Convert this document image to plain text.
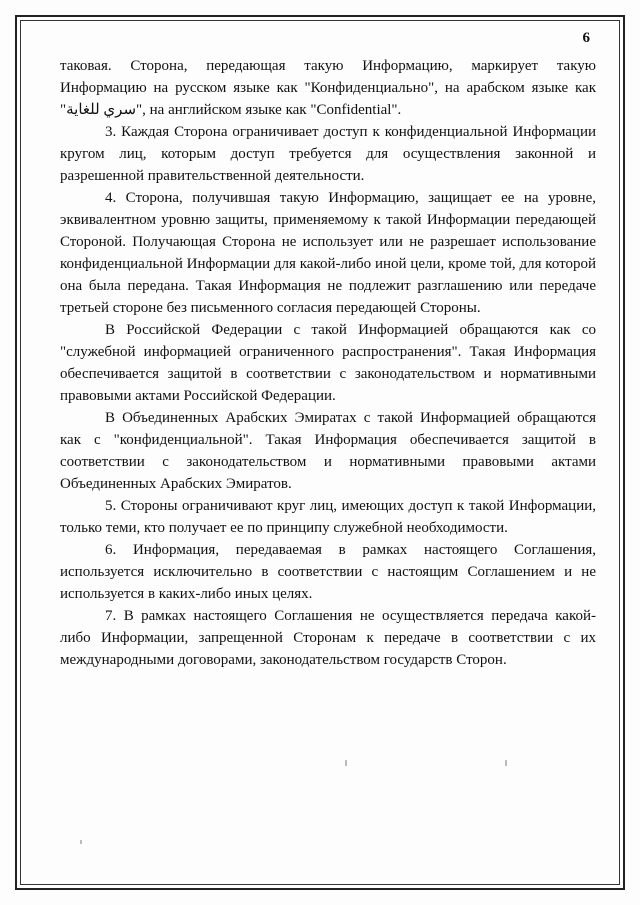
6

таковая. Сторона, передающая такую Информацию, маркирует такую Информацию на русском языке как "Конфиденциально", на арабском языке как "سري للغاية", на английском языке как "Confidential".

3. Каждая Сторона ограничивает доступ к конфиденциальной Информации кругом лиц, которым доступ требуется для осуществления законной и разрешенной правительственной деятельности.

4. Сторона, получившая такую Информацию, защищает ее на уровне, эквивалентном уровню защиты, применяемому к такой Информации передающей Стороной. Получающая Сторона не использует или не разрешает использование конфиденциальной Информации для какой-либо иной цели, кроме той, для которой она была передана. Такая Информация не подлежит разглашению или передаче третьей стороне без письменного согласия передающей Стороны.

В Российской Федерации с такой Информацией обращаются как со "служебной информацией ограниченного распространения". Такая Информация обеспечивается защитой в соответствии с законодательством и нормативными правовыми актами Российской Федерации.

В Объединенных Арабских Эмиратах с такой Информацией обращаются как с "конфиденциальной". Такая Информация обеспечивается защитой в соответствии с законодательством и нормативными правовыми актами Объединенных Арабских Эмиратов.

5. Стороны ограничивают круг лиц, имеющих доступ к такой Информации, только теми, кто получает ее по принципу служебной необходимости.

6. Информация, передаваемая в рамках настоящего Соглашения, используется исключительно в соответствии с настоящим Соглашением и не используется в каких-либо иных целях.

7. В рамках настоящего Соглашения не осуществляется передача какой-либо Информации, запрещенной Сторонам к передаче в соответствии с их международными договорами, законодательством государств Сторон.
